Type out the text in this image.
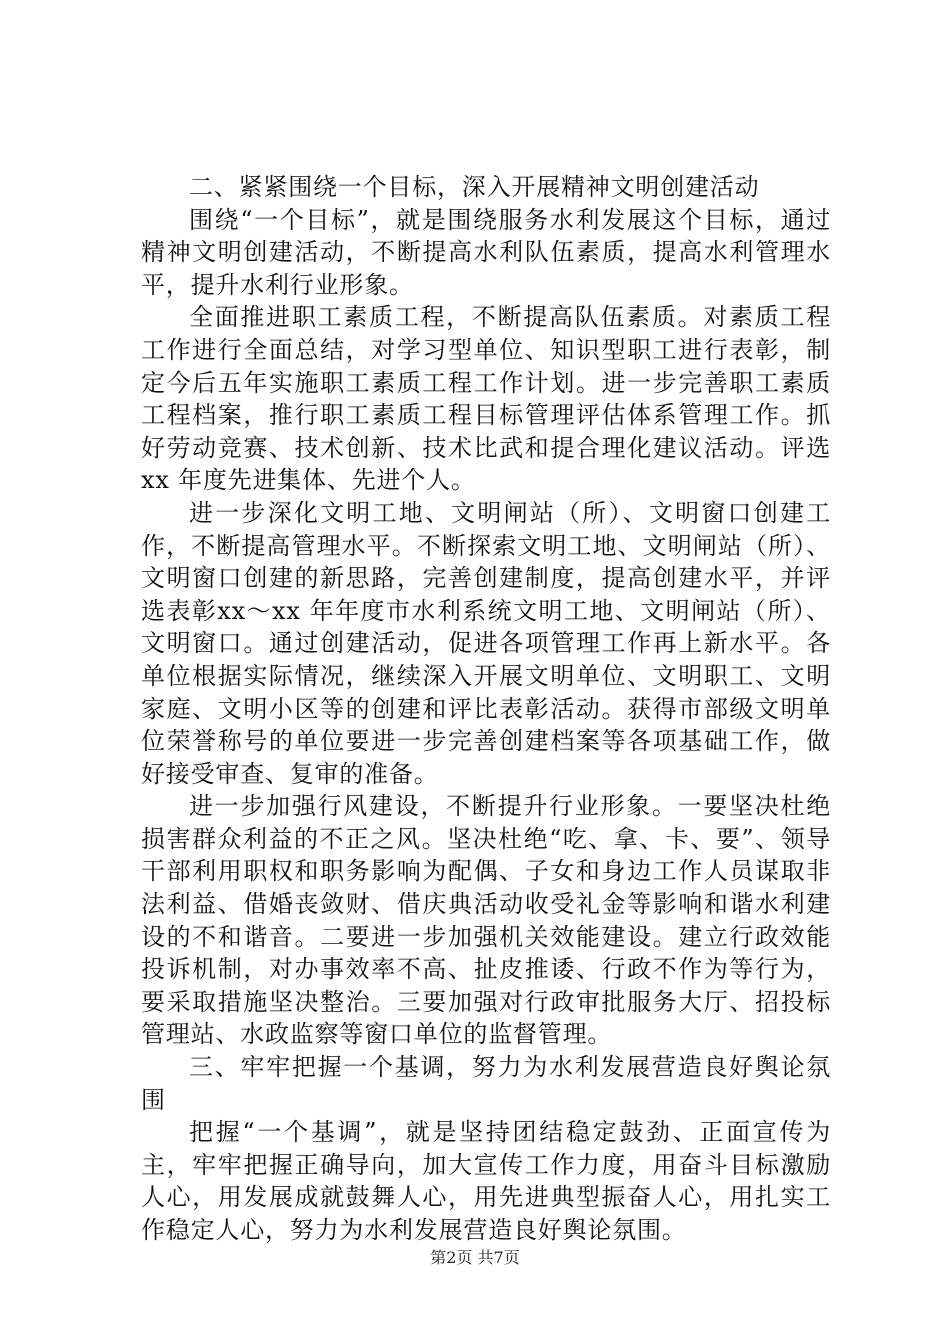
二、紧紧围绕一个目标，深入开展精神文明创建活动

围绕“一个目标”，就是围绕服务水利发展这个目标，通过精神文明创建活动，不断提高水利队伍素质，提高水利管理水平，提升水利行业形象。

全面推进职工素质工程，不断提高队伍素质。对素质工程工作进行全面总结，对学习型单位、知识型职工进行表彰，制定今后五年实施职工素质工程工作计划。进一步完善职工素质工程档案，推行职工素质工程目标管理评估体系管理工作。抓好劳动竞赛、技术创新、技术比武和提合理化建议活动。评选xx 年度先进集体、先进个人。

进一步深化文明工地、文明闸站（所）、文明窗口创建工作，不断提高管理水平。不断探索文明工地、文明闸站（所）、文明窗口创建的新思路，完善创建制度，提高创建水平，并评选表彰xx～xx 年年度市水利系统文明工地、文明闸站（所）、文明窗口。通过创建活动，促进各项管理工作再上新水平。各单位根据实际情况，继续深入开展文明单位、文明职工、文明家庭、文明小区等的创建和评比表彰活动。获得市部级文明单位荣誉称号的单位要进一步完善创建档案等各项基础工作，做好接受审查、复审的准备。

进一步加强行风建设，不断提升行业形象。一要坚决杜绝损害群众利益的不正之风。坚决杜绝“吃、拿、卡、要”、领导干部利用职权和职务影响为配偶、子女和身边工作人员谋取非法利益、借婚丧敛财、借庆典活动收受礼金等影响和谐水利建设的不和谐音。二要进一步加强机关效能建设。建立行政效能投诉机制，对办事效率不高、扯皮推诿、行政不作为等行为，要采取措施坚决整治。三要加强对行政审批服务大厅、招投标管理站、水政监察等窗口单位的监督管理。

三、牢牢把握一个基调，努力为水利发展营造良好舆论氛围

把握“一个基调”，就是坚持团结稳定鼓劲、正面宣传为主，牢牢把握正确导向，加大宣传工作力度，用奋斗目标激励人心，用发展成就鼓舞人心，用先进典型振奋人心，用扎实工作稳定人心，努力为水利发展营造良好舆论氛围。

第2页 共7页
